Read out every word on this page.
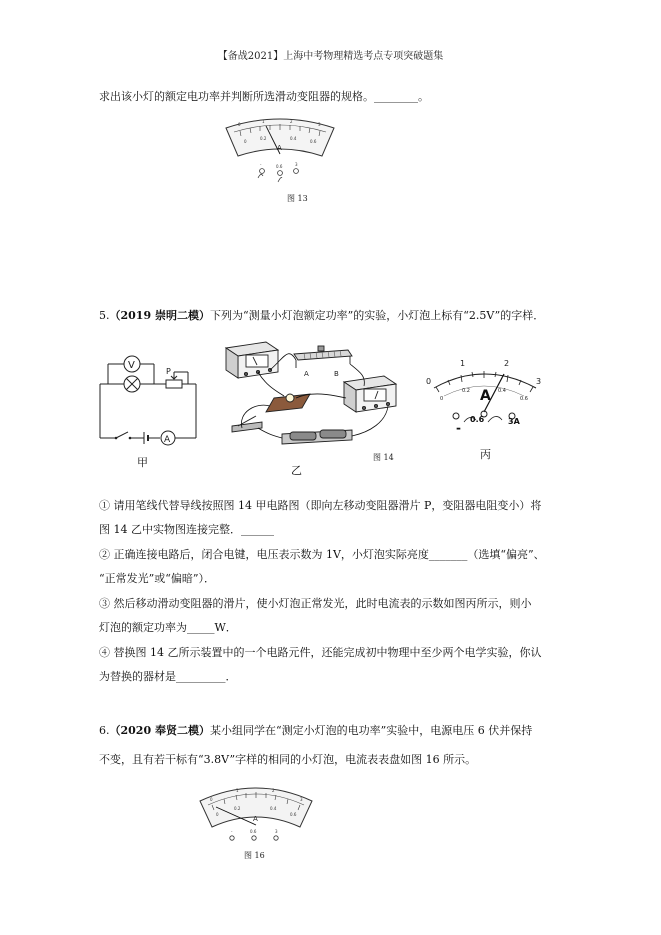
【备战2021】上海中考物理精选考点专项突破题集
求出该小灯的额定电功率并判断所选滑动变阻器的规格。________。
0
1	2
3
0
0.2	0.4
0.6
A
-	0.6	3
图 13
5.（2019 崇明二模）下列为“测量小灯泡额定功率”的实验，小灯泡上标有“2.5V”的字样．
V
P
A
甲
A	B
乙
图 14
0
1	2
3
0
0.2	0.4
0.6
A
-
0.6	3A
丙
① 请用笔线代替导线按照图 14 甲电路图（即向左移动变阻器滑片 P，变阻器电阻变小）将
图 14 乙中实物图连接完整．______
② 正确连接电路后，闭合电键，电压表示数为 1V，小灯泡实际亮度_______（选填“偏亮”、
“正常发光”或“偏暗”）．
③ 然后移动滑动变阻器的滑片，使小灯泡正常发光，此时电流表的示数如图丙所示，则小
灯泡的额定功率为_____W．
④ 替换图 14 乙所示装置中的一个电路元件，还能完成初中物理中至少两个电学实验，你认
为替换的器材是_________．
6.（2020 奉贤二模）某小组同学在“测定小灯泡的电功率”实验中，电源电压 6 伏并保持
不变，且有若干标有“3.8V”字样的相同的小灯泡，电流表表盘如图 16 所示。
0
1	2
3
0
0.2	0.4
0.6
A
-	0.6	3
图 16
